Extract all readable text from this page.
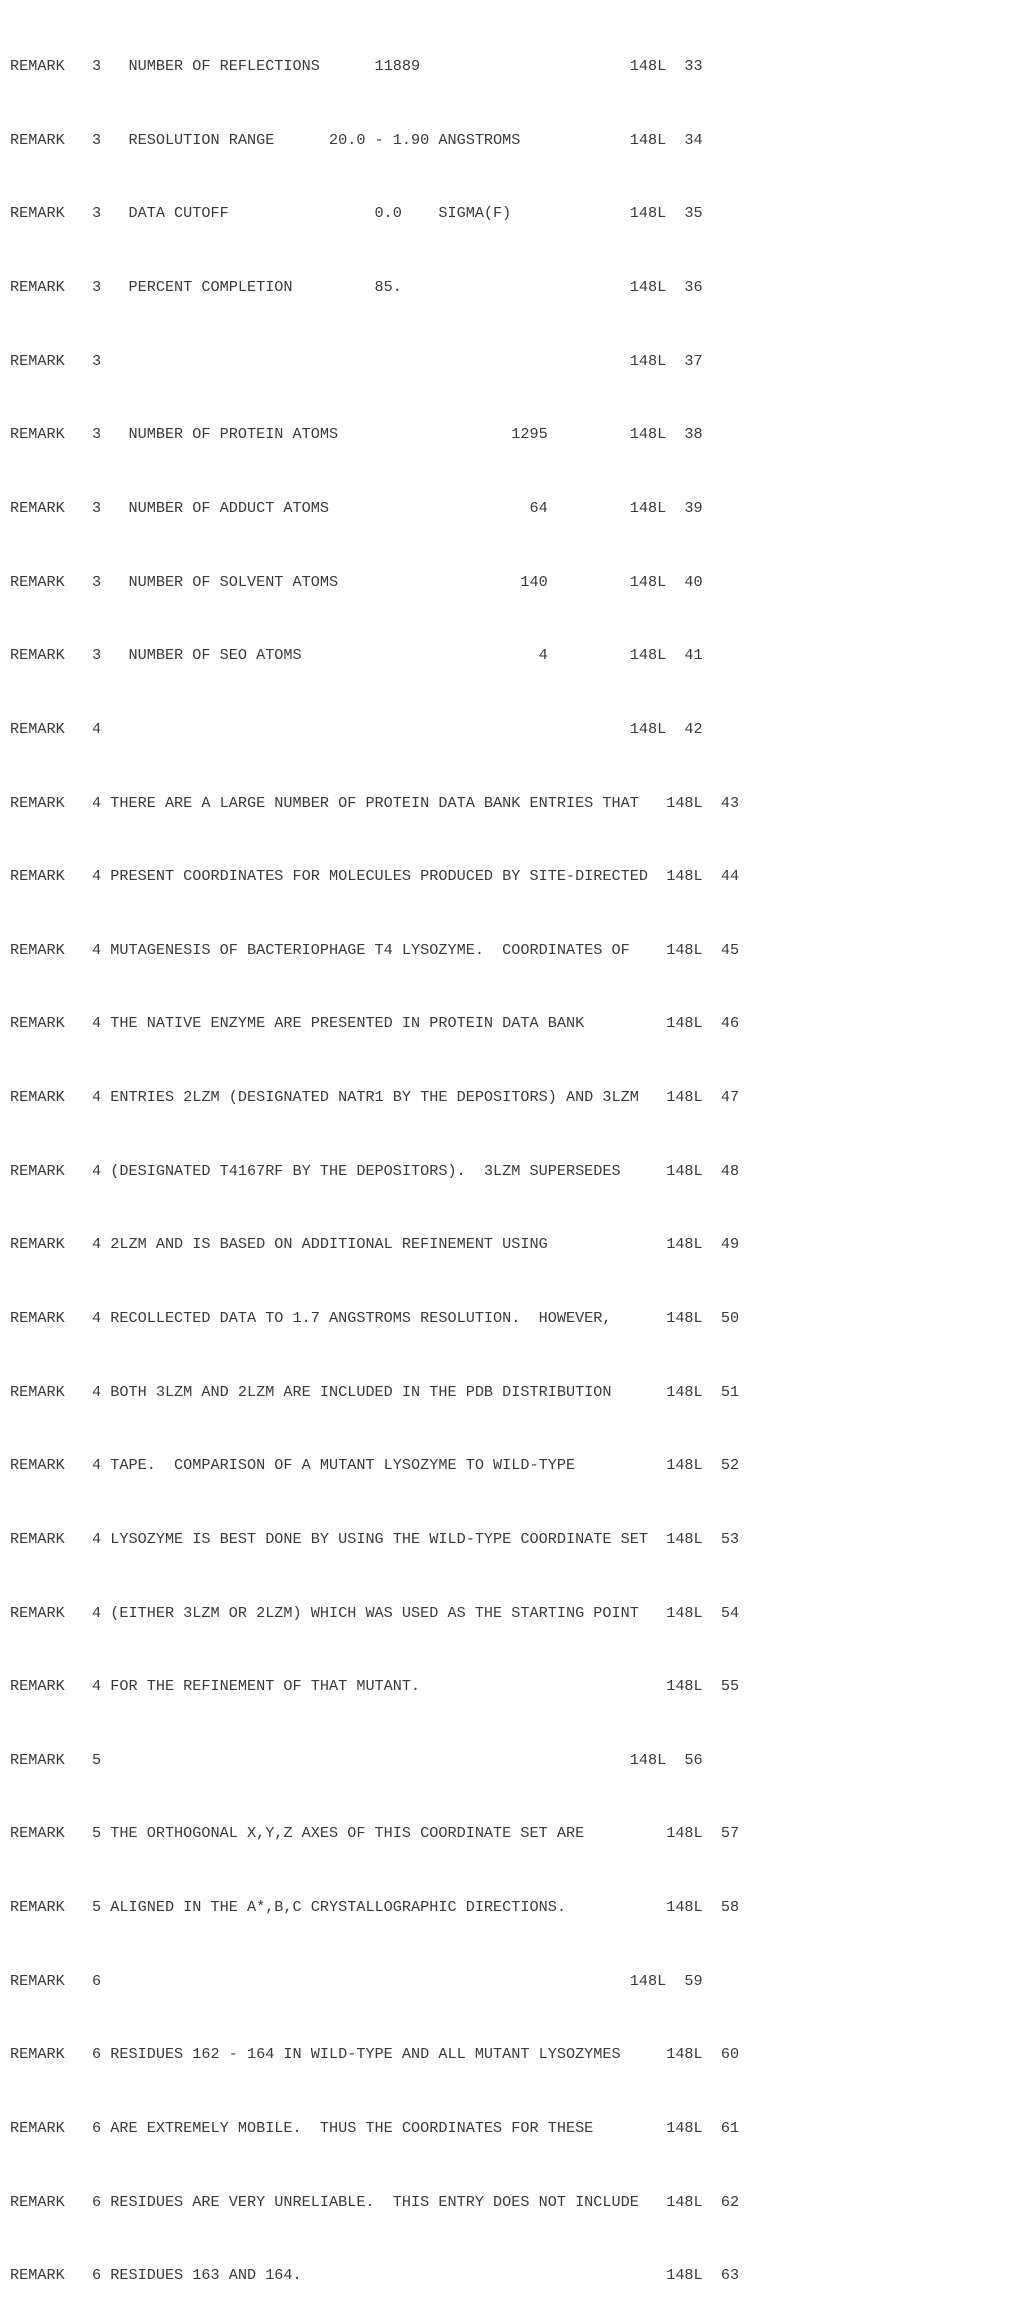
REMARK   3   NUMBER OF REFLECTIONS      11889                       148L  33

REMARK   3   RESOLUTION RANGE      20.0 - 1.90 ANGSTROMS            148L  34

REMARK   3   DATA CUTOFF                0.0    SIGMA(F)             148L  35

REMARK   3   PERCENT COMPLETION         85.                         148L  36

REMARK   3                                                          148L  37

REMARK   3   NUMBER OF PROTEIN ATOMS                   1295         148L  38

REMARK   3   NUMBER OF ADDUCT ATOMS                      64         148L  39

REMARK   3   NUMBER OF SOLVENT ATOMS                    140         148L  40

REMARK   3   NUMBER OF SEO ATOMS                          4         148L  41

REMARK   4                                                          148L  42

REMARK   4 THERE ARE A LARGE NUMBER OF PROTEIN DATA BANK ENTRIES THAT   148L  43

REMARK   4 PRESENT COORDINATES FOR MOLECULES PRODUCED BY SITE-DIRECTED  148L  44

REMARK   4 MUTAGENESIS OF BACTERIOPHAGE T4 LYSOZYME.  COORDINATES OF    148L  45

REMARK   4 THE NATIVE ENZYME ARE PRESENTED IN PROTEIN DATA BANK         148L  46

REMARK   4 ENTRIES 2LZM (DESIGNATED NATR1 BY THE DEPOSITORS) AND 3LZM   148L  47

REMARK   4 (DESIGNATED T4167RF BY THE DEPOSITORS).  3LZM SUPERSEDES     148L  48

REMARK   4 2LZM AND IS BASED ON ADDITIONAL REFINEMENT USING             148L  49

REMARK   4 RECOLLECTED DATA TO 1.7 ANGSTROMS RESOLUTION.  HOWEVER,      148L  50

REMARK   4 BOTH 3LZM AND 2LZM ARE INCLUDED IN THE PDB DISTRIBUTION      148L  51

REMARK   4 TAPE.  COMPARISON OF A MUTANT LYSOZYME TO WILD-TYPE          148L  52

REMARK   4 LYSOZYME IS BEST DONE BY USING THE WILD-TYPE COORDINATE SET  148L  53

REMARK   4 (EITHER 3LZM OR 2LZM) WHICH WAS USED AS THE STARTING POINT   148L  54

REMARK   4 FOR THE REFINEMENT OF THAT MUTANT.                           148L  55

REMARK   5                                                          148L  56

REMARK   5 THE ORTHOGONAL X,Y,Z AXES OF THIS COORDINATE SET ARE         148L  57

REMARK   5 ALIGNED IN THE A*,B,C CRYSTALLOGRAPHIC DIRECTIONS.           148L  58

REMARK   6                                                          148L  59

REMARK   6 RESIDUES 162 - 164 IN WILD-TYPE AND ALL MUTANT LYSOZYMES     148L  60

REMARK   6 ARE EXTREMELY MOBILE.  THUS THE COORDINATES FOR THESE        148L  61

REMARK   6 RESIDUES ARE VERY UNRELIABLE.  THIS ENTRY DOES NOT INCLUDE   148L  62

REMARK   6 RESIDUES 163 AND 164.                                        148L  63
